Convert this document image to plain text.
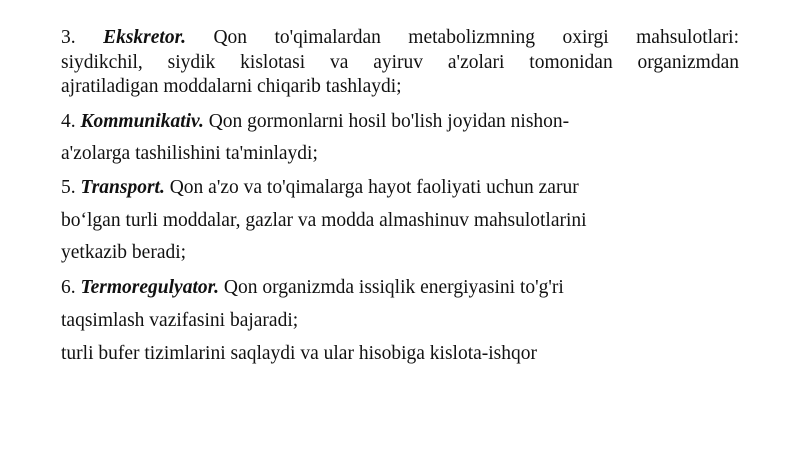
3. Ekskretor. Qon to'qimalardan metabolizmning oxirgi mahsulotlari:
siydikchil, siydik kislotasi va ayiruv a'zolari tomonidan organizmdan
ajratiladigan moddalarni chiqarib tashlaydi;
4. Kommunikativ. Qon gormonlarni hosil bo'lish joyidan nishon-
a'zolarga tashilishini ta'minlaydi;
5. Transport. Qon a'zo va to'qimalarga hayot faoliyati uchun zarur
bo‘lgan turli moddalar, gazlar va modda almashinuv mahsulotlarini
yetkazib beradi;
6. Termoregulyator. Qon organizmda issiqlik energiyasini to'g'ri
taqsimlash vazifasini bajaradi;
turli bufer tizimlarini saqlaydi va ular hisobiga kislota-ishqor
